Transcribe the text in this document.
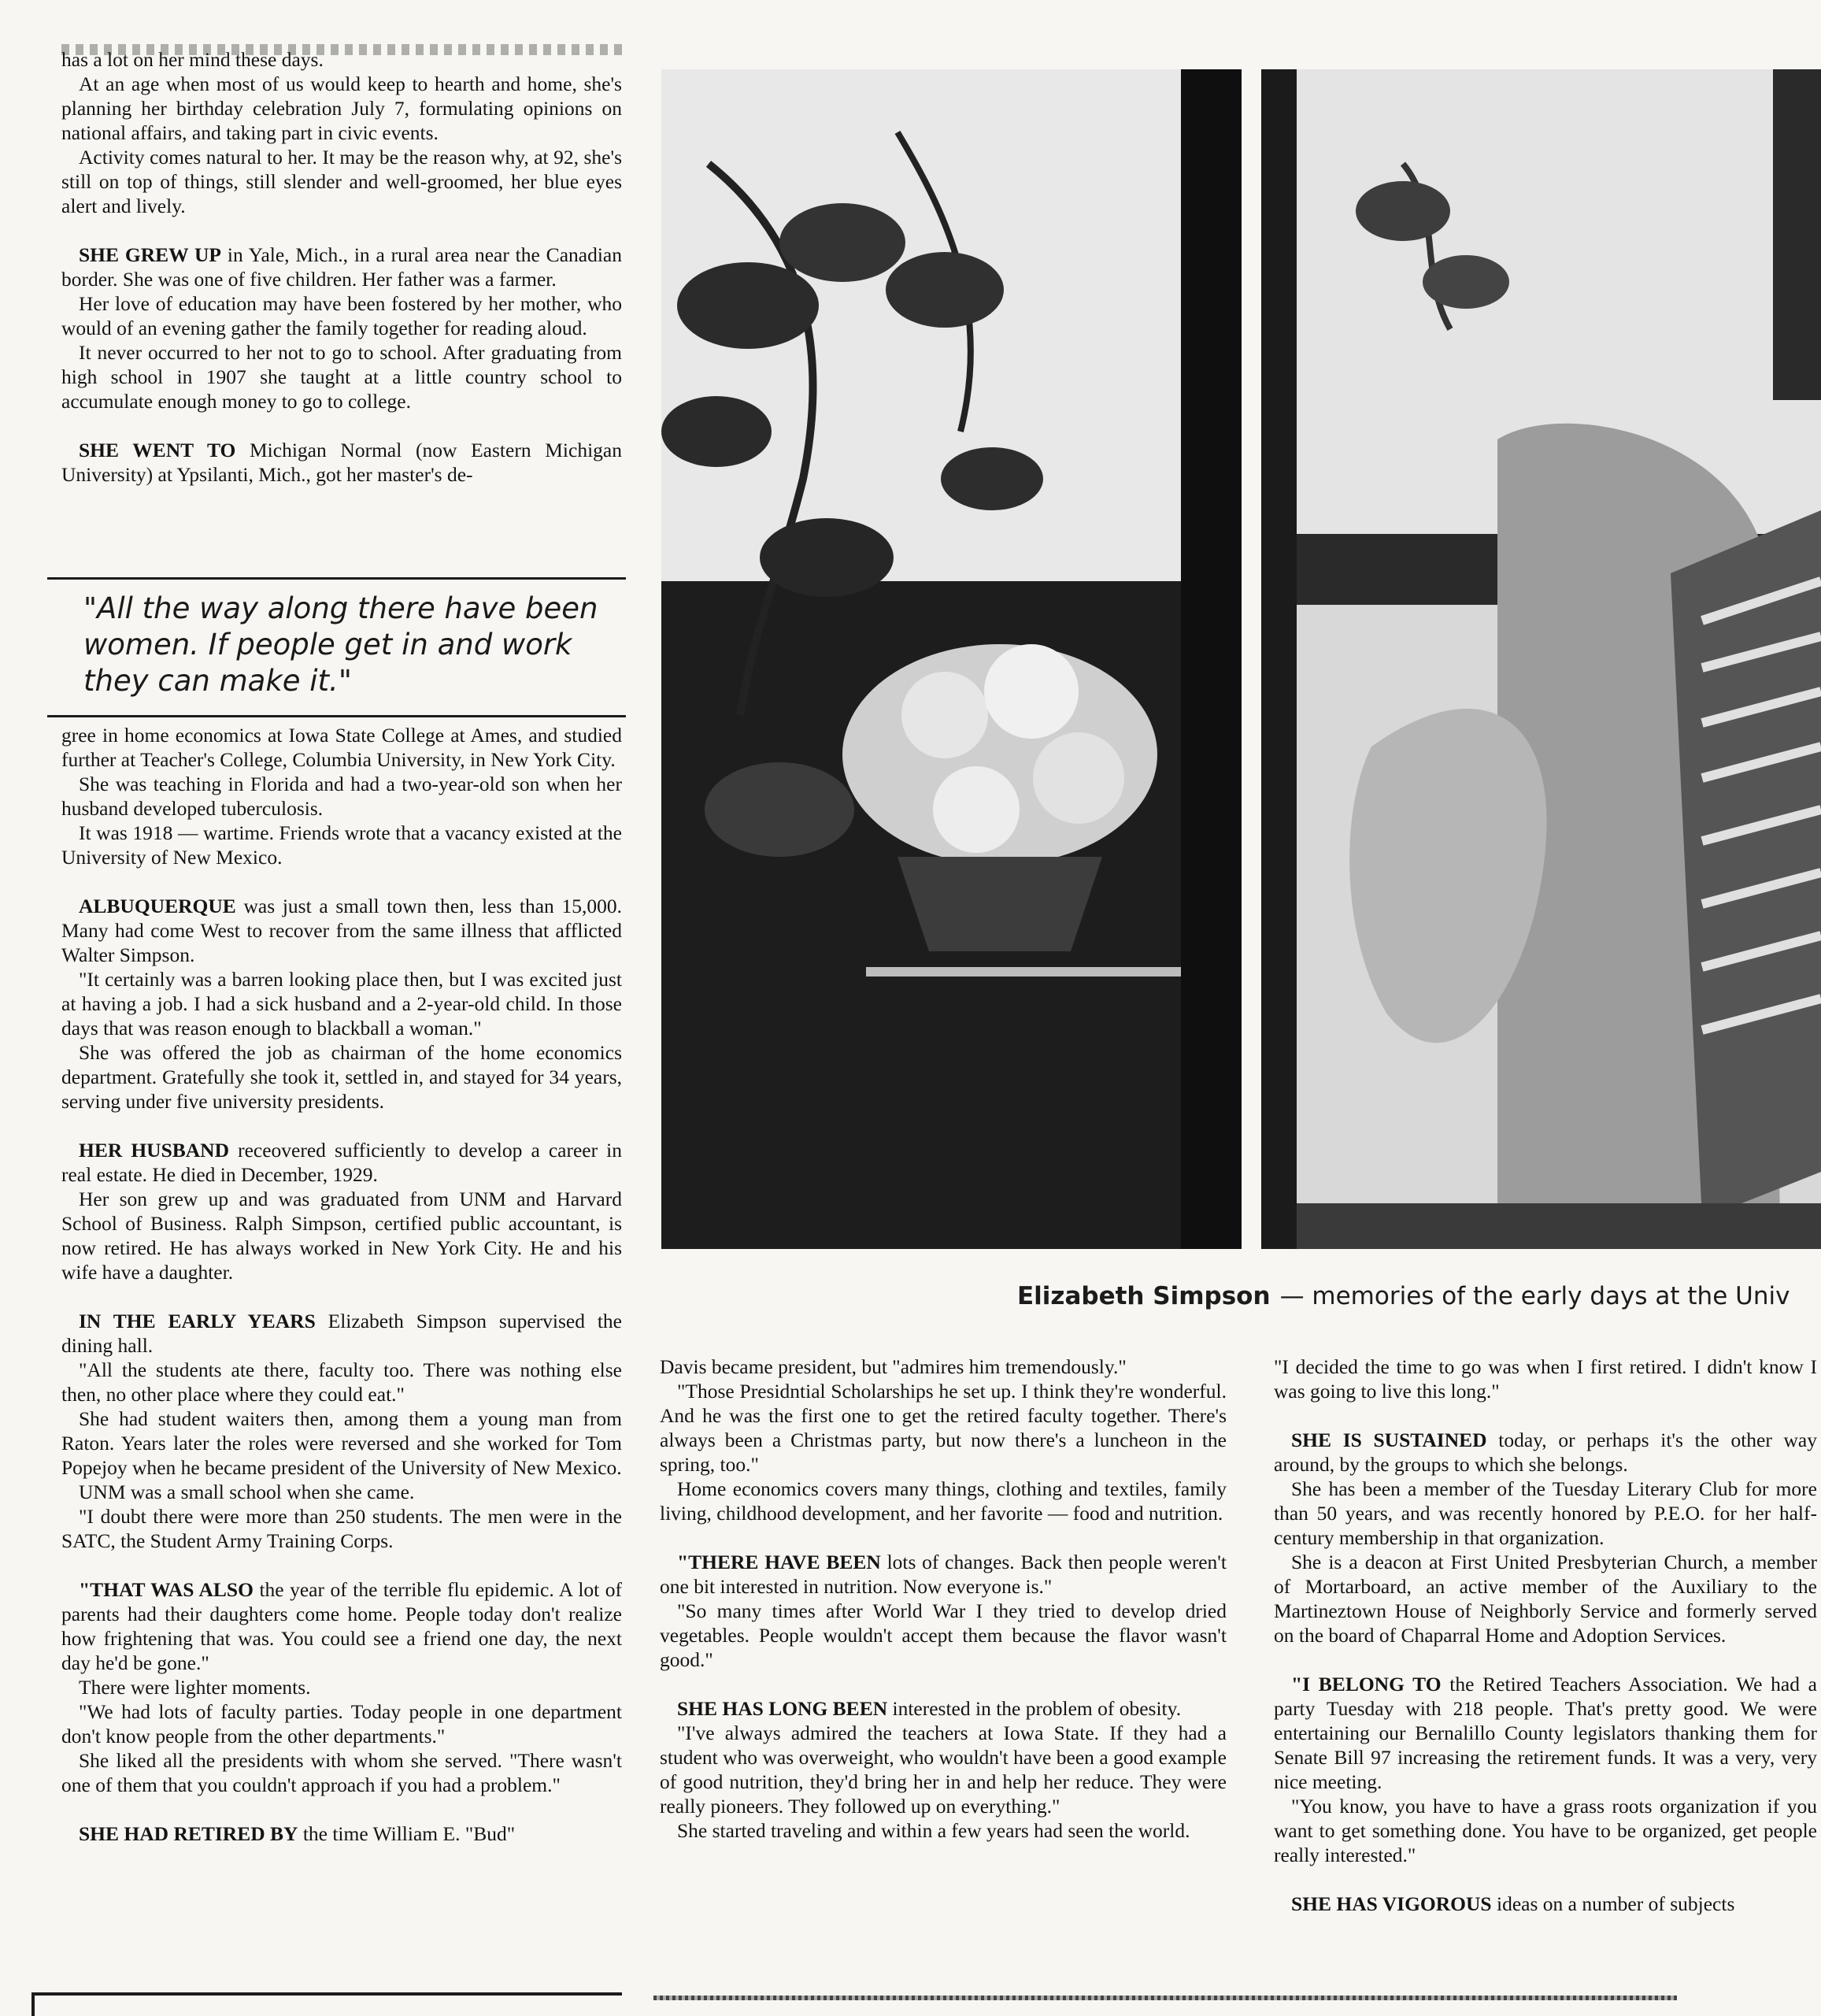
has a lot on her mind these days.

At an age when most of us would keep to hearth and home, she's planning her birthday celebration July 7, formulating opinions on national affairs, and taking part in civic events.

Activity comes natural to her. It may be the reason why, at 92, she's still on top of things, still slender and well-groomed, her blue eyes alert and lively.

SHE GREW UP in Yale, Mich., in a rural area near the Canadian border. She was one of five children. Her father was a farmer.

Her love of education may have been fostered by her mother, who would of an evening gather the family together for reading aloud.

It never occurred to her not to go to school. After graduating from high school in 1907 she taught at a little country school to accumulate enough money to go to college.

SHE WENT TO Michigan Normal (now Eastern Michigan University) at Ypsilanti, Mich., got her master's de-

"All the way along there have been women. If people get in and work they can make it."

gree in home economics at Iowa State College at Ames, and studied further at Teacher's College, Columbia University, in New York City.

She was teaching in Florida and had a two-year-old son when her husband developed tuberculosis.

It was 1918 — wartime. Friends wrote that a vacancy existed at the University of New Mexico.

ALBUQUERQUE was just a small town then, less than 15,000. Many had come West to recover from the same illness that afflicted Walter Simpson.

"It certainly was a barren looking place then, but I was excited just at having a job. I had a sick husband and a 2-year-old child. In those days that was reason enough to blackball a woman."

She was offered the job as chairman of the home economics department. Gratefully she took it, settled in, and stayed for 34 years, serving under five university presidents.

HER HUSBAND receovered sufficiently to develop a career in real estate. He died in December, 1929.

Her son grew up and was graduated from UNM and Harvard School of Business. Ralph Simpson, certified public accountant, is now retired. He has always worked in New York City. He and his wife have a daughter.

IN THE EARLY YEARS Elizabeth Simpson supervised the dining hall.

"All the students ate there, faculty too. There was nothing else then, no other place where they could eat."

She had student waiters then, among them a young man from Raton. Years later the roles were reversed and she worked for Tom Popejoy when he became president of the University of New Mexico.

UNM was a small school when she came.

"I doubt there were more than 250 students. The men were in the SATC, the Student Army Training Corps.

"THAT WAS ALSO the year of the terrible flu epidemic. A lot of parents had their daughters come home. People today don't realize how frightening that was. You could see a friend one day, the next day he'd be gone."

There were lighter moments.

"We had lots of faculty parties. Today people in one department don't know people from the other departments."

She liked all the presidents with whom she served. "There wasn't one of them that you couldn't approach if you had a problem."

SHE HAD RETIRED BY the time William E. "Bud"

Elizabeth Simpson — memories of the early days at the Univ

Davis became president, but "admires him tremendously."

"Those Presidntial Scholarships he set up. I think they're wonderful. And he was the first one to get the retired faculty together. There's always been a Christmas party, but now there's a luncheon in the spring, too."

Home economics covers many things, clothing and textiles, family living, childhood development, and her favorite — food and nutrition.

"THERE HAVE BEEN lots of changes. Back then people weren't one bit interested in nutrition. Now everyone is."

"So many times after World War I they tried to develop dried vegetables. People wouldn't accept them because the flavor wasn't good."

SHE HAS LONG BEEN interested in the problem of obesity.

"I've always admired the teachers at Iowa State. If they had a student who was overweight, who wouldn't have been a good example of good nutrition, they'd bring her in and help her reduce. They were really pioneers. They followed up on everything."

She started traveling and within a few years had seen the world.

"I decided the time to go was when I first retired. I didn't know I was going to live this long."

SHE IS SUSTAINED today, or perhaps it's the other way around, by the groups to which she belongs.

She has been a member of the Tuesday Literary Club for more than 50 years, and was recently honored by P.E.O. for her half-century membership in that organization.

She is a deacon at First United Presbyterian Church, a member of Mortarboard, an active member of the Auxiliary to the Martineztown House of Neighborly Service and formerly served on the board of Chaparral Home and Adoption Services.

"I BELONG TO the Retired Teachers Association. We had a party Tuesday with 218 people. That's pretty good. We were entertaining our Bernalillo County legislators thanking them for Senate Bill 97 increasing the retirement funds. It was a very, very nice meeting.

"You know, you have to have a grass roots organization if you want to get something done. You have to be organized, get people really interested."

SHE HAS VIGOROUS ideas on a number of subjects
